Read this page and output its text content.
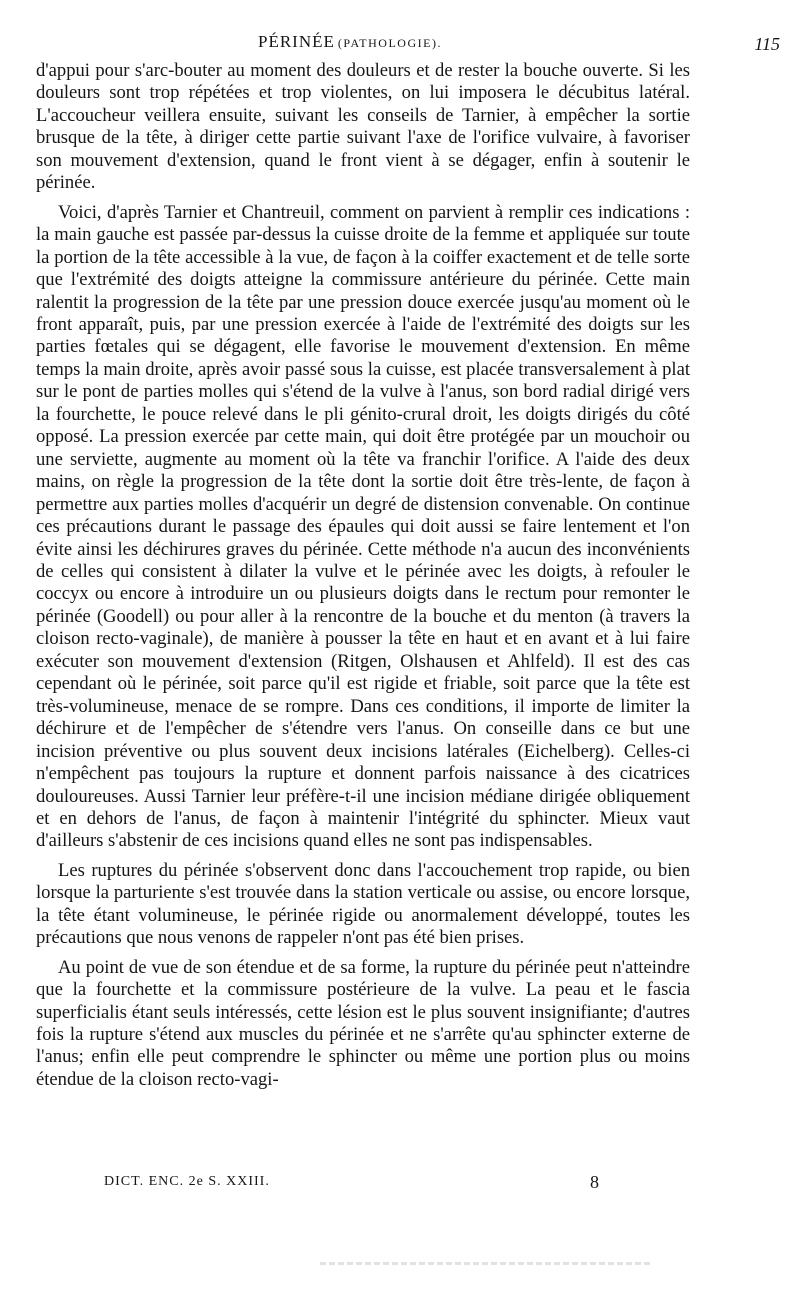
PÉRINÉE (PATHOLOGIE).	115

d'appui pour s'arc-bouter au moment des douleurs et de rester la bouche ouverte. Si les douleurs sont trop répétées et trop violentes, on lui imposera le décubitus latéral. L'accoucheur veillera ensuite, suivant les conseils de Tarnier, à empêcher la sortie brusque de la tête, à diriger cette partie suivant l'axe de l'orifice vulvaire, à favoriser son mouvement d'extension, quand le front vient à se dégager, enfin à soutenir le périnée.

Voici, d'après Tarnier et Chantreuil, comment on parvient à remplir ces indications : la main gauche est passée par-dessus la cuisse droite de la femme et appliquée sur toute la portion de la tête accessible à la vue, de façon à la coiffer exactement et de telle sorte que l'extrémité des doigts atteigne la commissure antérieure du périnée. Cette main ralentit la progression de la tête par une pression douce exercée jusqu'au moment où le front apparaît, puis, par une pression exercée à l'aide de l'extrémité des doigts sur les parties fœtales qui se dégagent, elle favorise le mouvement d'extension. En même temps la main droite, après avoir passé sous la cuisse, est placée transversalement à plat sur le pont de parties molles qui s'étend de la vulve à l'anus, son bord radial dirigé vers la fourchette, le pouce relevé dans le pli génito-crural droit, les doigts dirigés du côté opposé. La pression exercée par cette main, qui doit être protégée par un mouchoir ou une serviette, augmente au moment où la tête va franchir l'orifice. A l'aide des deux mains, on règle la progression de la tête dont la sortie doit être très-lente, de façon à permettre aux parties molles d'acquérir un degré de distension convenable. On continue ces précautions durant le passage des épaules qui doit aussi se faire lentement et l'on évite ainsi les déchirures graves du périnée. Cette méthode n'a aucun des inconvénients de celles qui consistent à dilater la vulve et le périnée avec les doigts, à refouler le coccyx ou encore à introduire un ou plusieurs doigts dans le rectum pour remonter le périnée (Goodell) ou pour aller à la rencontre de la bouche et du menton (à travers la cloison recto-vaginale), de manière à pousser la tête en haut et en avant et à lui faire exécuter son mouvement d'extension (Ritgen, Olshausen et Ahlfeld). Il est des cas cependant où le périnée, soit parce qu'il est rigide et friable, soit parce que la tête est très-volumineuse, menace de se rompre. Dans ces conditions, il importe de limiter la déchirure et de l'empêcher de s'étendre vers l'anus. On conseille dans ce but une incision préventive ou plus souvent deux incisions latérales (Eichelberg). Celles-ci n'empêchent pas toujours la rupture et donnent parfois naissance à des cicatrices douloureuses. Aussi Tarnier leur préfère-t-il une incision médiane dirigée obliquement et en dehors de l'anus, de façon à maintenir l'intégrité du sphincter. Mieux vaut d'ailleurs s'abstenir de ces incisions quand elles ne sont pas indispensables.

Les ruptures du périnée s'observent donc dans l'accouchement trop rapide, ou bien lorsque la parturiente s'est trouvée dans la station verticale ou assise, ou encore lorsque, la tête étant volumineuse, le périnée rigide ou anormalement développé, toutes les précautions que nous venons de rappeler n'ont pas été bien prises.

Au point de vue de son étendue et de sa forme, la rupture du périnée peut n'atteindre que la fourchette et la commissure postérieure de la vulve. La peau et le fascia superficialis étant seuls intéressés, cette lésion est le plus souvent insignifiante; d'autres fois la rupture s'étend aux muscles du périnée et ne s'arrête qu'au sphincter externe de l'anus; enfin elle peut comprendre le sphincter ou même une portion plus ou moins étendue de la cloison recto-vagi-

DICT. ENC. 2e S. XXIII.	8
